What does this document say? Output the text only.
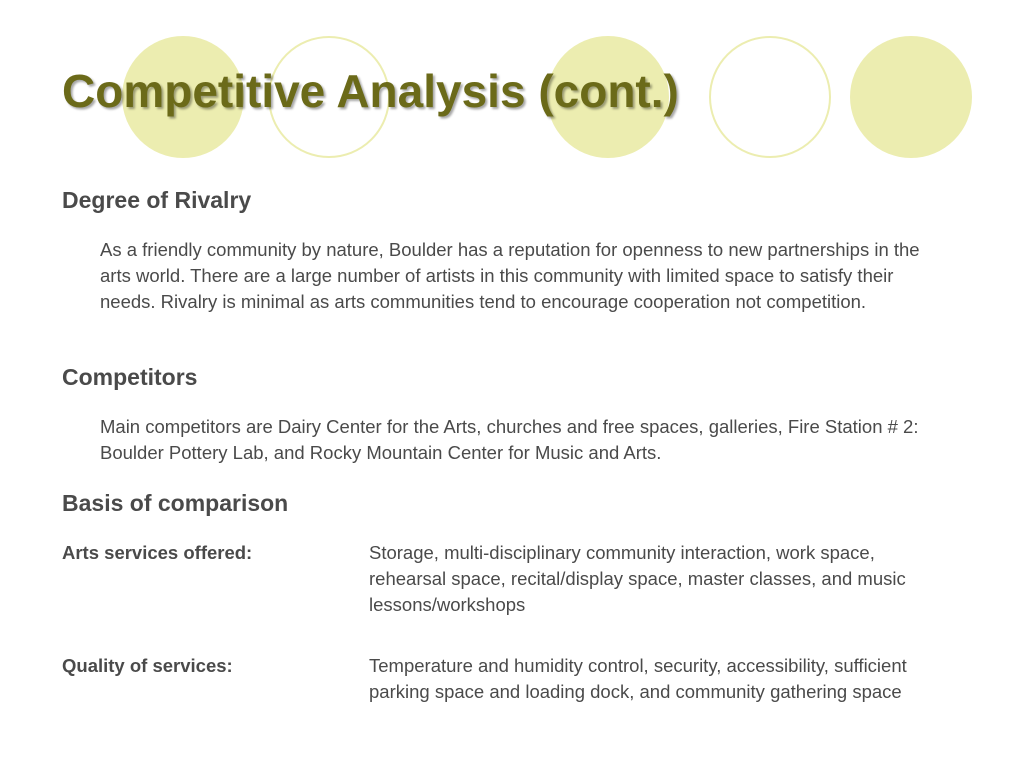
Competitive Analysis (cont.)
Degree of Rivalry

As a friendly community by nature, Boulder has a reputation for openness to new partnerships in the arts world. There are a large number of artists in this community with limited space to satisfy their needs. Rivalry is minimal as arts communities tend to encourage cooperation not competition.

Competitors

Main competitors are Dairy Center for the Arts, churches and free spaces, galleries, Fire Station # 2: Boulder Pottery Lab, and Rocky Mountain Center for Music and Arts.

Basis of comparison
Arts services offered:	Storage, multi-disciplinary community interaction, work space, rehearsal space, recital/display space, master classes, and music lessons/workshops
Quality of services:	Temperature and humidity control, security, accessibility, sufficient parking space and loading dock, and community gathering space
